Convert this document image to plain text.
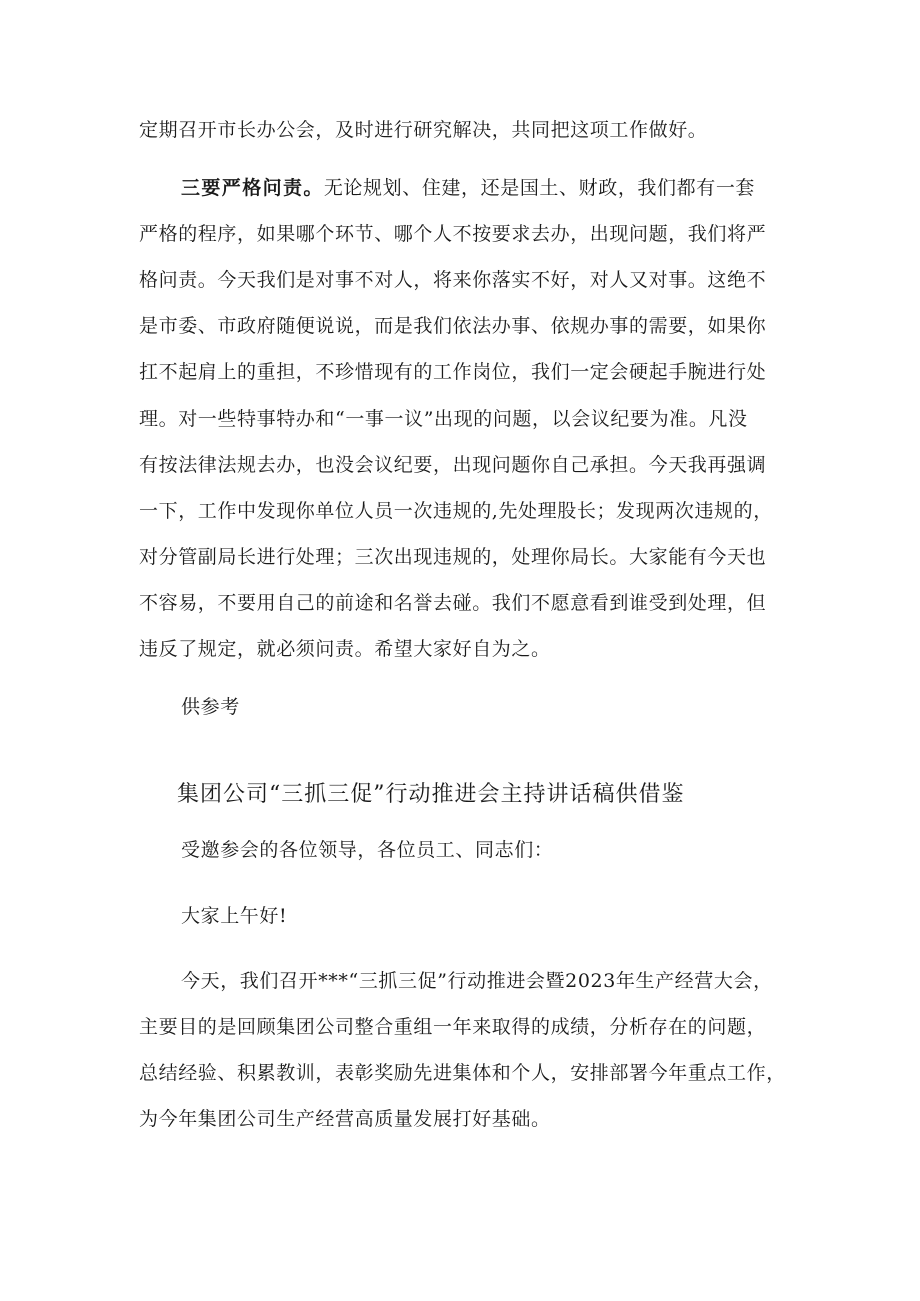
定期召开市长办公会，及时进行研究解决，共同把这项工作做好。
三要严格问责。无论规划、住建，还是国土、财政，我们都有一套
严格的程序，如果哪个环节、哪个人不按要求去办，出现问题，我们将严
格问责。今天我们是对事不对人，将来你落实不好，对人又对事。这绝不
是市委、市政府随便说说，而是我们依法办事、依规办事的需要，如果你
扛不起肩上的重担，不珍惜现有的工作岗位，我们一定会硬起手腕进行处
理。对一些特事特办和“一事一议”出现的问题，以会议纪要为准。凡没
有按法律法规去办，也没会议纪要，出现问题你自己承担。今天我再强调
一下，工作中发现你单位人员一次违规的,先处理股长；发现两次违规的，
对分管副局长进行处理；三次出现违规的，处理你局长。大家能有今天也
不容易，不要用自己的前途和名誉去碰。我们不愿意看到谁受到处理，但
违反了规定，就必须问责。希望大家好自为之。
供参考
集团公司“三抓三促”行动推进会主持讲话稿供借鉴
受邀参会的各位领导，各位员工、同志们：
大家上午好!
今天，我们召开***“三抓三促”行动推进会暨2023年生产经营大会，
主要目的是回顾集团公司整合重组一年来取得的成绩，分析存在的问题，
总结经验、积累教训，表彰奖励先进集体和个人，安排部署今年重点工作，
为今年集团公司生产经营高质量发展打好基础。
